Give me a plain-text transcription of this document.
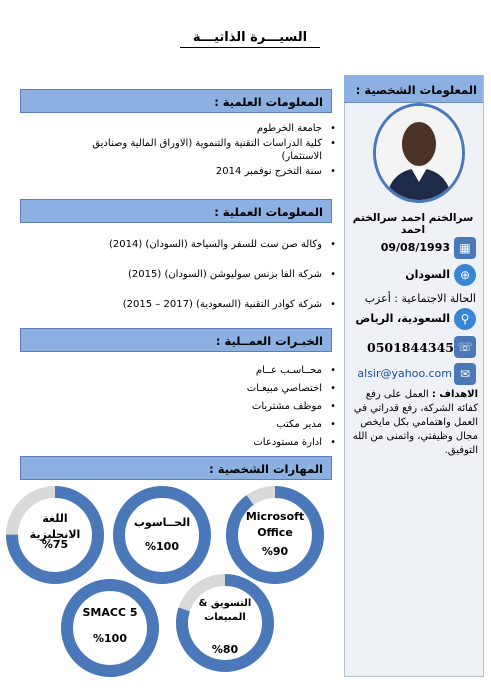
السيـــرة الذاتيـــة
المعلومات الشخصية :
سرالختم احمد سرالختم احمد
▦
09/08/1993
⊕
السودان
الحالة الاجتماعية : أعزب
⚲
السعودية، الرياض
☏
0501844345
✉
alsir@yahoo.com
الاهداف : العمل على رفع كفائة الشركة، رفع قدراتي في العمل واهتمامي بكل مايخص مجال وظيفتي، واتمنى من الله التوفيق.
المعلومات العلمية :
• جامعة الخرطوم
• كلية الدراسات التقنية والتنموية (الاوراق المالية وصناديق الاستثمار)
• سنة التخرج نوفمبر 2014
المعلومات العملية :
• وكالة صن ست للسفر والسياحة (السودان) (2014)
• شركة الفا بزنس سوليوشن (السودان) (2015)
• شركة كوادر التقنية (السعودية) (2017 – 2015)
الخبـرات العمــلية :
• محــاسـب عــام
• اختصاصي مبيعـات
• موظف مشتريات
• مدير مكتب
• ادارة مستودعات
المهارات الشخصية :
Microsoft Office
%90
الحــاسوب
%100
اللغة الانجليزية
%75
التسويق & المبيعات
%80
SMACC 5
%100
